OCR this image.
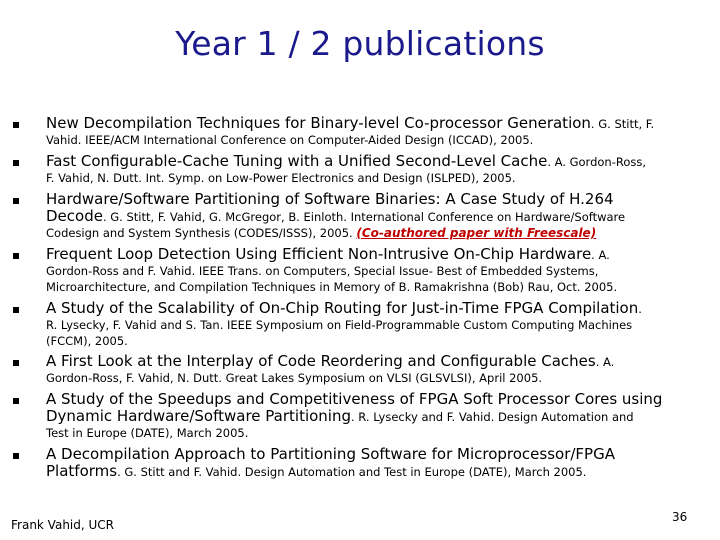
Year 1 / 2 publications
New Decompilation Techniques for Binary-level Co-processor Generation. G. Stitt, F.
Vahid. IEEE/ACM International Conference on Computer-Aided Design (ICCAD), 2005.
Fast Configurable-Cache Tuning with a Unified Second-Level Cache. A. Gordon-Ross,
F. Vahid, N. Dutt. Int. Symp. on Low-Power Electronics and Design (ISLPED), 2005.
Hardware/Software Partitioning of Software Binaries: A Case Study of H.264
Decode. G. Stitt, F. Vahid, G. McGregor, B. Einloth. International Conference on Hardware/Software
Codesign and System Synthesis (CODES/ISSS), 2005. (Co-authored paper with Freescale)
Frequent Loop Detection Using Efficient Non-Intrusive On-Chip Hardware. A.
Gordon-Ross and F. Vahid. IEEE Trans. on Computers, Special Issue- Best of Embedded Systems,
Microarchitecture, and Compilation Techniques in Memory of B. Ramakrishna (Bob) Rau, Oct. 2005.
A Study of the Scalability of On-Chip Routing for Just-in-Time FPGA Compilation.
R. Lysecky, F. Vahid and S. Tan. IEEE Symposium on Field-Programmable Custom Computing Machines
(FCCM), 2005.
A First Look at the Interplay of Code Reordering and Configurable Caches. A.
Gordon-Ross, F. Vahid, N. Dutt. Great Lakes Symposium on VLSI (GLSVLSI), April 2005.
A Study of the Speedups and Competitiveness of FPGA Soft Processor Cores using
Dynamic Hardware/Software Partitioning. R. Lysecky and F. Vahid. Design Automation and
Test in Europe (DATE), March 2005.
A Decompilation Approach to Partitioning Software for Microprocessor/FPGA
Platforms. G. Stitt and F. Vahid. Design Automation and Test in Europe (DATE), March 2005.
Frank Vahid, UCR
36
